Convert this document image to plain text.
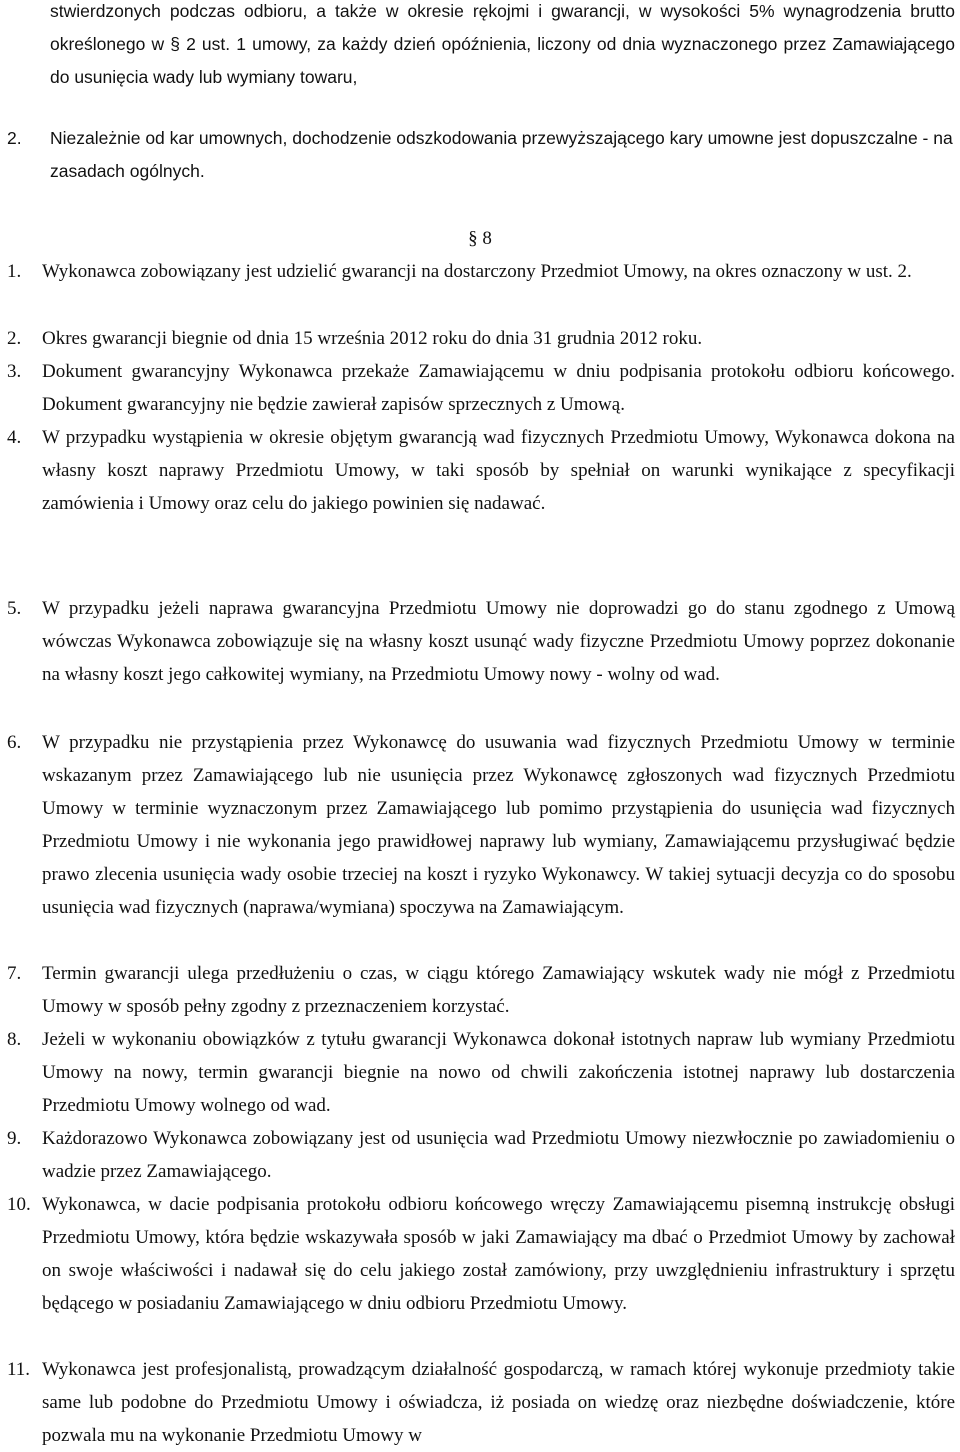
stwierdzonych podczas odbioru, a także w okresie rękojmi i gwarancji, w wysokości 5% wynagrodzenia brutto określonego w § 2 ust. 1 umowy, za każdy dzień opóźnienia, liczony od dnia wyznaczonego przez Zamawiającego do usunięcia wady lub wymiany towaru,
2.	Niezależnie od kar umownych, dochodzenie odszkodowania przewyższającego kary umowne jest dopuszczalne - na zasadach ogólnych.
§ 8
1.	Wykonawca zobowiązany jest udzielić gwarancji na dostarczony Przedmiot Umowy, na okres oznaczony w ust. 2.
2.	Okres gwarancji biegnie od dnia 15 września 2012 roku do dnia 31 grudnia 2012 roku.
3.	Dokument gwarancyjny Wykonawca przekaże Zamawiającemu w dniu podpisania protokołu odbioru końcowego. Dokument gwarancyjny nie będzie zawierał zapisów sprzecznych z Umową.
4.	W przypadku wystąpienia w okresie objętym gwarancją wad fizycznych Przedmiotu Umowy, Wykonawca dokona na własny koszt naprawy Przedmiotu Umowy, w taki sposób by spełniał on warunki wynikające z specyfikacji zamówienia i Umowy oraz celu do jakiego powinien się nadawać.
5.	W przypadku jeżeli naprawa gwarancyjna Przedmiotu Umowy nie doprowadzi go do stanu zgodnego z Umową wówczas Wykonawca zobowiązuje się na własny koszt usunąć wady fizyczne Przedmiotu Umowy poprzez dokonanie na własny koszt jego całkowitej wymiany, na Przedmiotu Umowy nowy - wolny od wad.
6.	W przypadku nie przystąpienia przez Wykonawcę do usuwania wad fizycznych Przedmiotu Umowy w terminie wskazanym przez Zamawiającego lub nie usunięcia przez Wykonawcę zgłoszonych wad fizycznych Przedmiotu Umowy w terminie wyznaczonym przez Zamawiającego lub pomimo przystąpienia do usunięcia wad fizycznych Przedmiotu Umowy i nie wykonania jego prawidłowej naprawy lub wymiany, Zamawiającemu przysługiwać będzie prawo zlecenia usunięcia wady osobie trzeciej na koszt i ryzyko Wykonawcy. W takiej sytuacji decyzja co do sposobu usunięcia wad fizycznych (naprawa/wymiana) spoczywa na Zamawiającym.
7.	Termin gwarancji ulega przedłużeniu o czas, w ciągu którego Zamawiający wskutek wady nie mógł z Przedmiotu Umowy w sposób pełny zgodny z przeznaczeniem korzystać.
8.	Jeżeli w wykonaniu obowiązków z tytułu gwarancji Wykonawca dokonał istotnych napraw lub wymiany Przedmiotu Umowy na nowy, termin gwarancji biegnie na nowo od chwili zakończenia istotnej naprawy lub dostarczenia Przedmiotu Umowy wolnego od wad.
9.	Każdorazowo Wykonawca zobowiązany jest od usunięcia wad Przedmiotu Umowy niezwłocznie po zawiadomieniu o wadzie przez Zamawiającego.
10. Wykonawca, w dacie podpisania protokołu odbioru końcowego wręczy Zamawiającemu pisemną instrukcję obsługi Przedmiotu Umowy, która będzie wskazywała sposób w jaki Zamawiający ma dbać o Przedmiot Umowy by zachował on swoje właściwości i nadawał się do celu jakiego został zamówiony, przy uwzględnieniu infrastruktury i sprzętu będącego w posiadaniu Zamawiającego w dniu odbioru Przedmiotu Umowy.
11. Wykonawca jest profesjonalistą, prowadzącym działalność gospodarczą, w ramach której wykonuje przedmioty takie same lub podobne do Przedmiotu Umowy i oświadcza, iż posiada on wiedzę oraz niezbędne doświadczenie, które pozwala mu na wykonanie Przedmiotu Umowy w
